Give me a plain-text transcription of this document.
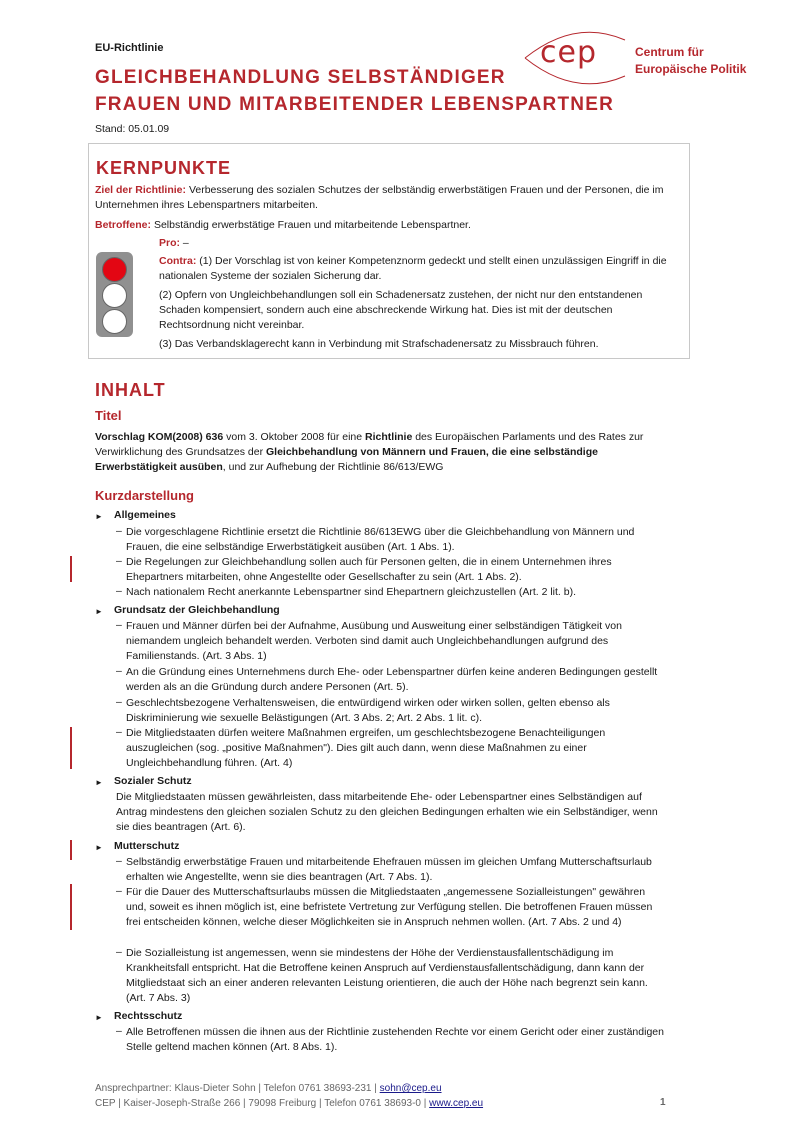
EU-Richtlinie
GLEICHBEHANDLUNG SELBSTÄNDIGER
FRAUEN UND MITARBEITENDER LEBENSPARTNER
Stand: 05.01.09
cep	Centrum für
Europäische Politik
KERNPUNKTE
Ziel der Richtlinie: Verbesserung des sozialen Schutzes der selbständig erwerbstätigen Frauen und der Personen, die im Unternehmen ihres Lebenspartners mitarbeiten.
Betroffene: Selbständig erwerbstätige Frauen und mitarbeitende Lebenspartner.
Pro: –
Contra: (1) Der Vorschlag ist von keiner Kompetenznorm gedeckt und stellt einen unzulässigen Eingriff in die nationalen Systeme der sozialen Sicherung dar.
(2) Opfern von Ungleichbehandlungen soll ein Schadenersatz zustehen, der nicht nur den entstandenen Schaden kompensiert, sondern auch eine abschreckende Wirkung hat. Dies ist mit der deutschen Rechtsordnung nicht vereinbar.
(3) Das Verbandsklagerecht kann in Verbindung mit Strafschadenersatz zu Missbrauch führen.
INHALT
Titel
Vorschlag KOM(2008) 636 vom 3. Oktober 2008 für eine Richtlinie des Europäischen Parlaments und des Rates zur Verwirklichung des Grundsatzes der Gleichbehandlung von Männern und Frauen, die eine selbständige Erwerbstätigkeit ausüben, und zur Aufhebung der Richtlinie 86/613/EWG
Kurzdarstellung
► Allgemeines
– Die vorgeschlagene Richtlinie ersetzt die Richtlinie 86/613EWG über die Gleichbehandlung von Männern und Frauen, die eine selbständige Erwerbstätigkeit ausüben (Art. 1 Abs. 1).
– Die Regelungen zur Gleichbehandlung sollen auch für Personen gelten, die in einem Unternehmen ihres Ehepartners mitarbeiten, ohne Angestellte oder Gesellschafter zu sein (Art. 1 Abs. 2).
– Nach nationalem Recht anerkannte Lebenspartner sind Ehepartnern gleichzustellen (Art. 2 lit. b).
► Grundsatz der Gleichbehandlung
– Frauen und Männer dürfen bei der Aufnahme, Ausübung und Ausweitung einer selbständigen Tätigkeit von niemandem ungleich behandelt werden. Verboten sind damit auch Ungleichbehandlungen aufgrund des Familienstands. (Art. 3 Abs. 1)
– An die Gründung eines Unternehmens durch Ehe- oder Lebenspartner dürfen keine anderen Bedingungen gestellt werden als an die Gründung durch andere Personen (Art. 5).
– Geschlechtsbezogene Verhaltensweisen, die entwürdigend wirken oder wirken sollen, gelten ebenso als Diskriminierung wie sexuelle Belästigungen (Art. 3 Abs. 2; Art. 2 Abs. 1 lit. c).
– Die Mitgliedstaaten dürfen weitere Maßnahmen ergreifen, um geschlechtsbezogene Benachteiligungen auszugleichen (sog. „positive Maßnahmen"). Dies gilt auch dann, wenn diese Maßnahmen zu einer Ungleichbehandlung führen. (Art. 4)
► Sozialer Schutz
Die Mitgliedstaaten müssen gewährleisten, dass mitarbeitende Ehe- oder Lebenspartner eines Selbständigen auf Antrag mindestens den gleichen sozialen Schutz zu den gleichen Bedingungen erhalten wie ein Selbständiger, wenn sie dies beantragen (Art. 6).
► Mutterschutz
– Selbständig erwerbstätige Frauen und mitarbeitende Ehefrauen müssen im gleichen Umfang Mutterschaftsurlaub erhalten wie Angestellte, wenn sie dies beantragen (Art. 7 Abs. 1).
– Für die Dauer des Mutterschaftsurlaubs müssen die Mitgliedstaaten „angemessene Sozialleistungen" gewähren und, soweit es ihnen möglich ist, eine befristete Vertretung zur Verfügung stellen. Die betroffenen Frauen müssen frei entscheiden können, welche dieser Möglichkeiten sie in Anspruch nehmen wollen. (Art. 7 Abs. 2 und 4)
– Die Sozialleistung ist angemessen, wenn sie mindestens der Höhe der Verdienstausfallentschädigung im Krankheitsfall entspricht. Hat die Betroffene keinen Anspruch auf Verdienstausfallentschädigung, dann kann der Mitgliedstaat sich an einer anderen relevanten Leistung orientieren, die auch der Höhe nach begrenzt sein kann. (Art. 7 Abs. 3)
► Rechtsschutz
– Alle Betroffenen müssen die ihnen aus der Richtlinie zustehenden Rechte vor einem Gericht oder einer zuständigen Stelle geltend machen können (Art. 8 Abs. 1).
Ansprechpartner: Klaus-Dieter Sohn | Telefon 0761 38693-231 | sohn@cep.eu
CEP | Kaiser-Joseph-Straße 266 | 79098 Freiburg | Telefon 0761 38693-0 | www.cep.eu	1
